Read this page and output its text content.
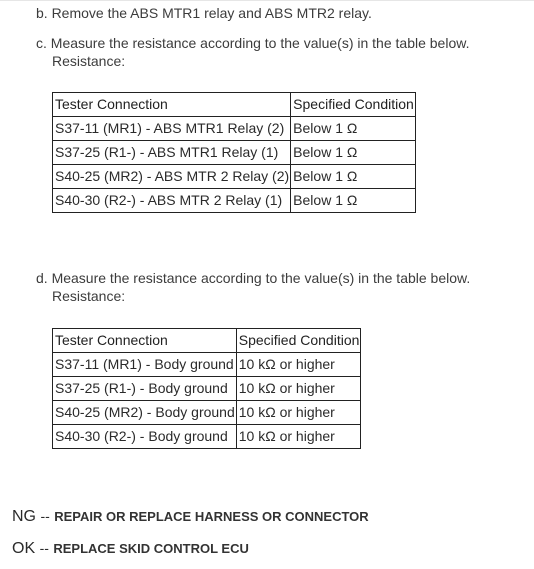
b. Remove the ABS MTR1 relay and ABS MTR2 relay.
c. Measure the resistance according to the value(s) in the table below.
Resistance:
Tester Connection	Specified Condition
S37-11 (MR1) - ABS MTR1 Relay (2)	Below 1 Ω
S37-25 (R1-) - ABS MTR1 Relay (1)	Below 1 Ω
S40-25 (MR2) - ABS MTR 2 Relay (2)	Below 1 Ω
S40-30 (R2-) - ABS MTR 2 Relay (1)	Below 1 Ω
d. Measure the resistance according to the value(s) in the table below.
Resistance:
Tester Connection	Specified Condition
S37-11 (MR1) - Body ground	10 kΩ or higher
S37-25 (R1-) - Body ground	10 kΩ or higher
S40-25 (MR2) - Body ground	10 kΩ or higher
S40-30 (R2-) - Body ground	10 kΩ or higher
NG -- REPAIR OR REPLACE HARNESS OR CONNECTOR
OK -- REPLACE SKID CONTROL ECU
